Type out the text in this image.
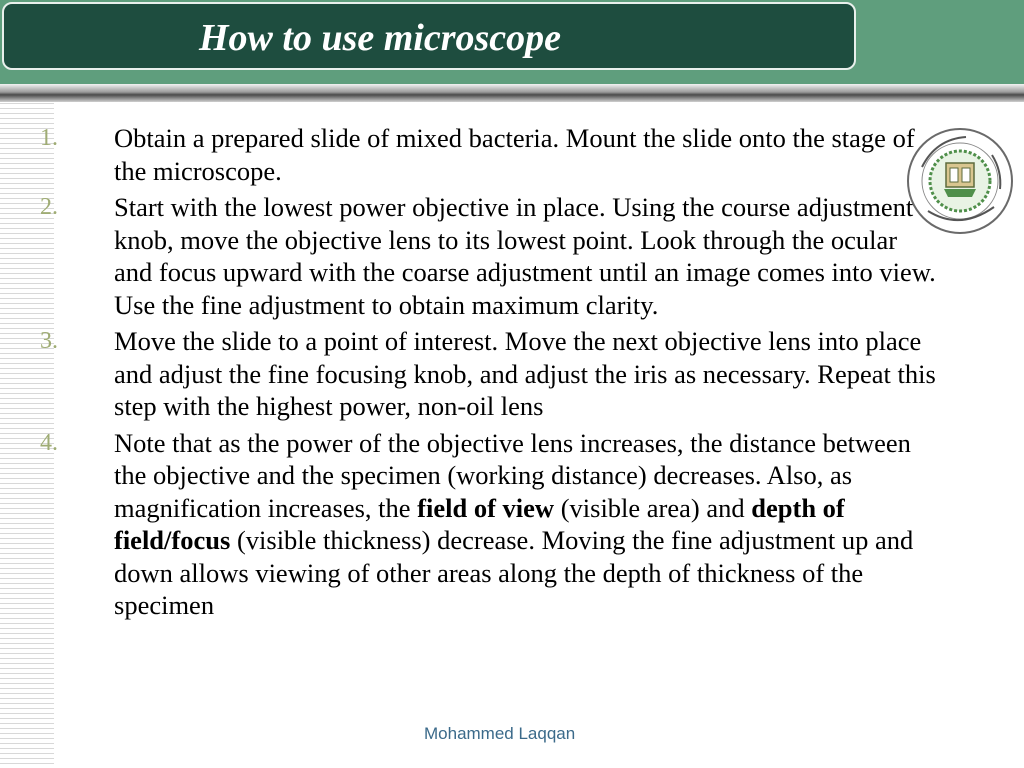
How to use microscope
1. Obtain a prepared slide of mixed bacteria. Mount the slide onto the stage of the microscope.
2. Start with the lowest power objective in place. Using the course adjustment knob, move the objective lens to its lowest point. Look through the ocular and focus upward with the coarse adjustment until an image comes into view. Use the fine adjustment to obtain maximum clarity.
3. Move the slide to a point of interest. Move the next objective lens into place and adjust the fine focusing knob, and adjust the iris as necessary. Repeat this step with the highest power, non-oil lens
4. Note that as the power of the objective lens increases, the distance between the objective and the specimen (working distance) decreases. Also, as magnification increases, the field of view (visible area) and depth of field/focus (visible thickness) decrease. Moving the fine adjustment up and down allows viewing of other areas along the depth of thickness of the specimen
Mohammed Laqqan
